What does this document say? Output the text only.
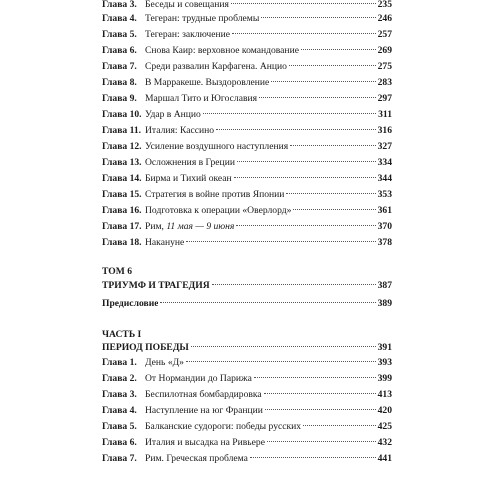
Глава 3. Беседы и совещания	235
Глава 4. Тегеран: трудные проблемы	246
Глава 5. Тегеран: заключение	257
Глава 6. Снова Каир: верховное командование	269
Глава 7. Среди развалин Карфагена. Анцио	275
Глава 8. В Марракеше. Выздоровление	283
Глава 9. Маршал Тито и Югославия	297
Глава 10. Удар в Анцио	311
Глава 11. Италия: Кассино	316
Глава 12. Усиление воздушного наступления	327
Глава 13. Осложнения в Греции	334
Глава 14. Бирма и Тихий океан	344
Глава 15. Стратегия в войне против Японии	353
Глава 16. Подготовка к операции «Оверлорд»	361
Глава 17. Рим, 11 мая — 9 июня	370
Глава 18. Накануне	378
ТОМ 6
ТРИУМФ И ТРАГЕДИЯ	387
Предисловие	389
ЧАСТЬ I
ПЕРИОД ПОБЕДЫ	391
Глава 1. День «Д»	393
Глава 2. От Нормандии до Парижа	399
Глава 3. Беспилотная бомбардировка	413
Глава 4. Наступление на юг Франции	420
Глава 5. Балканские судороги: победы русских	425
Глава 6. Италия и высадка на Ривьере	432
Глава 7. Рим. Греческая проблема	441
